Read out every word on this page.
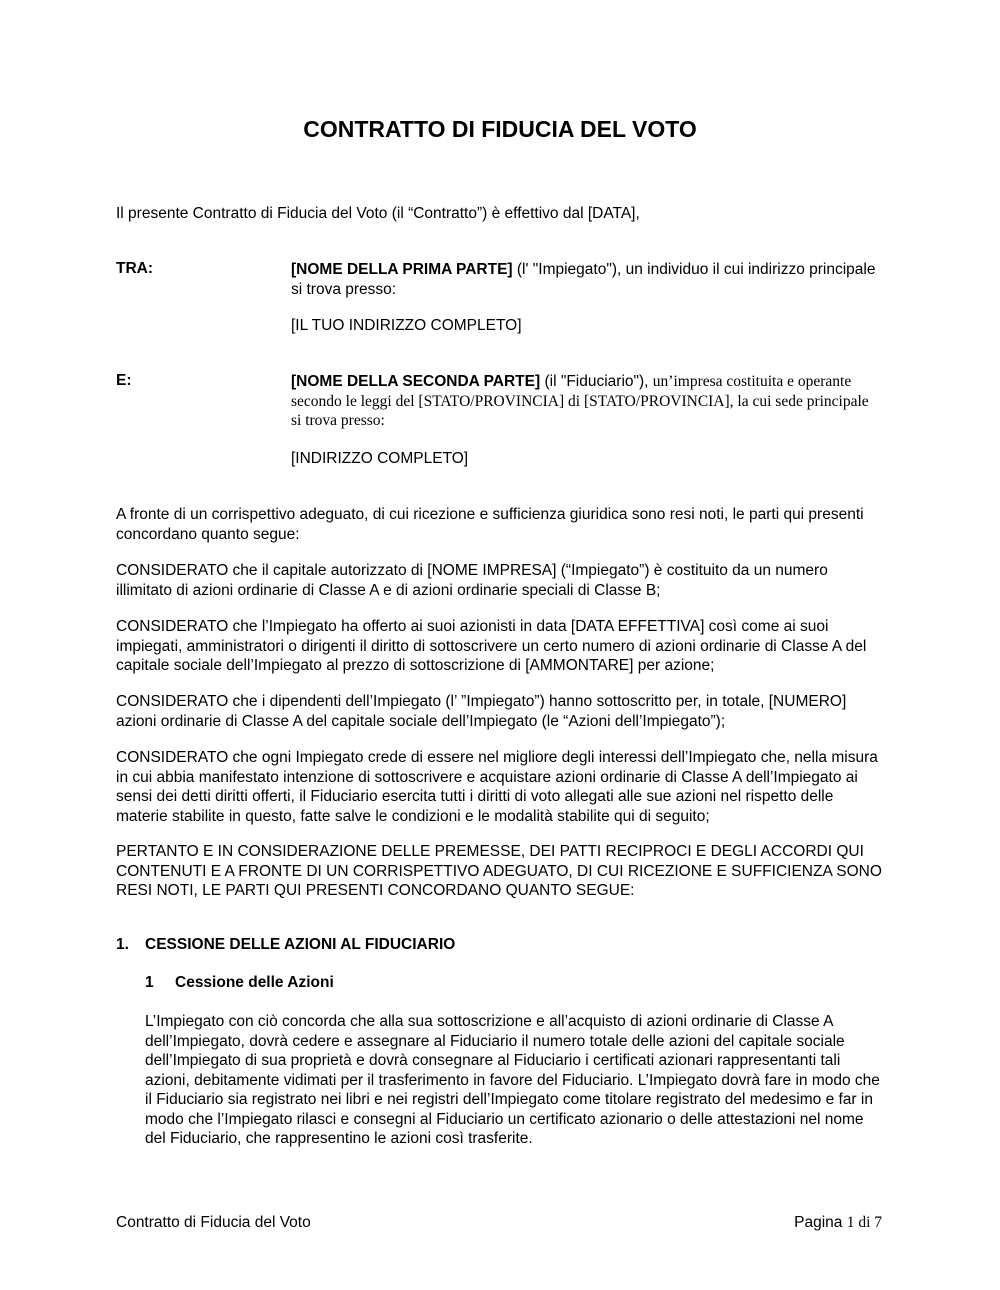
CONTRATTO DI FIDUCIA DEL VOTO

Il presente Contratto di Fiducia del Voto (il “Contratto”) è effettivo dal [DATA],

TRA:	[NOME DELLA PRIMA PARTE] (l' "Impiegato"), un individuo il cui indirizzo principale si trova presso:
[IL TUO INDIRIZZO COMPLETO]
E:	[NOME DELLA SECONDA PARTE] (il "Fiduciario"), un’impresa costituita e operante secondo le leggi del [STATO/PROVINCIA] di [STATO/PROVINCIA], la cui sede principale si trova presso:
[INDIRIZZO COMPLETO]

A fronte di un corrispettivo adeguato, di cui ricezione e sufficienza giuridica sono resi noti, le parti qui presenti concordano quanto segue:

CONSIDERATO che il capitale autorizzato di [NOME IMPRESA] (“Impiegato”) è costituito da un numero illimitato di azioni ordinarie di Classe A e di azioni ordinarie speciali di Classe B;

CONSIDERATO che l’Impiegato ha offerto ai suoi azionisti in data [DATA EFFETTIVA] così come ai suoi impiegati, amministratori o dirigenti il diritto di sottoscrivere un certo numero di azioni ordinarie di Classe A del capitale sociale dell’Impiegato al prezzo di sottoscrizione di [AMMONTARE] per azione;

CONSIDERATO che i dipendenti dell’Impiegato (l’ ”Impiegato”) hanno sottoscritto per, in totale, [NUMERO] azioni ordinarie di Classe A del capitale sociale dell’Impiegato (le “Azioni dell’Impiegato”);

CONSIDERATO che ogni Impiegato crede di essere nel migliore degli interessi dell’Impiegato che, nella misura in cui abbia manifestato intenzione di sottoscrivere e acquistare azioni ordinarie di Classe A dell’Impiegato ai sensi dei detti diritti offerti, il Fiduciario esercita tutti i diritti di voto allegati alle sue azioni nel rispetto delle materie stabilite in questo, fatte salve le condizioni e le modalità stabilite qui di seguito;

PERTANTO E IN CONSIDERAZIONE DELLE PREMESSE, DEI PATTI RECIPROCI E DEGLI ACCORDI QUI CONTENUTI E A FRONTE DI UN CORRISPETTIVO ADEGUATO, DI CUI RICEZIONE E SUFFICIENZA SONO RESI NOTI, LE PARTI QUI PRESENTI CONCORDANO QUANTO SEGUE:

1. CESSIONE DELLE AZIONI AL FIDUCIARIO
1 Cessione delle Azioni

L’Impiegato con ciò concorda che alla sua sottoscrizione e all’acquisto di azioni ordinarie di Classe A dell’Impiegato, dovrà cedere e assegnare al Fiduciario il numero totale delle azioni del capitale sociale dell’Impiegato di sua proprietà e dovrà consegnare al Fiduciario i certificati azionari rappresentanti tali azioni, debitamente vidimati per il trasferimento in favore del Fiduciario. L’Impiegato dovrà fare in modo che il Fiduciario sia registrato nei libri e nei registri dell’Impiegato come titolare registrato del medesimo e far in modo che l’Impiegato rilasci e consegni al Fiduciario un certificato azionario o delle attestazioni nel nome del Fiduciario, che rappresentino le azioni così trasferite.

Contratto di Fiducia del Voto	Pagina 1 di 7
